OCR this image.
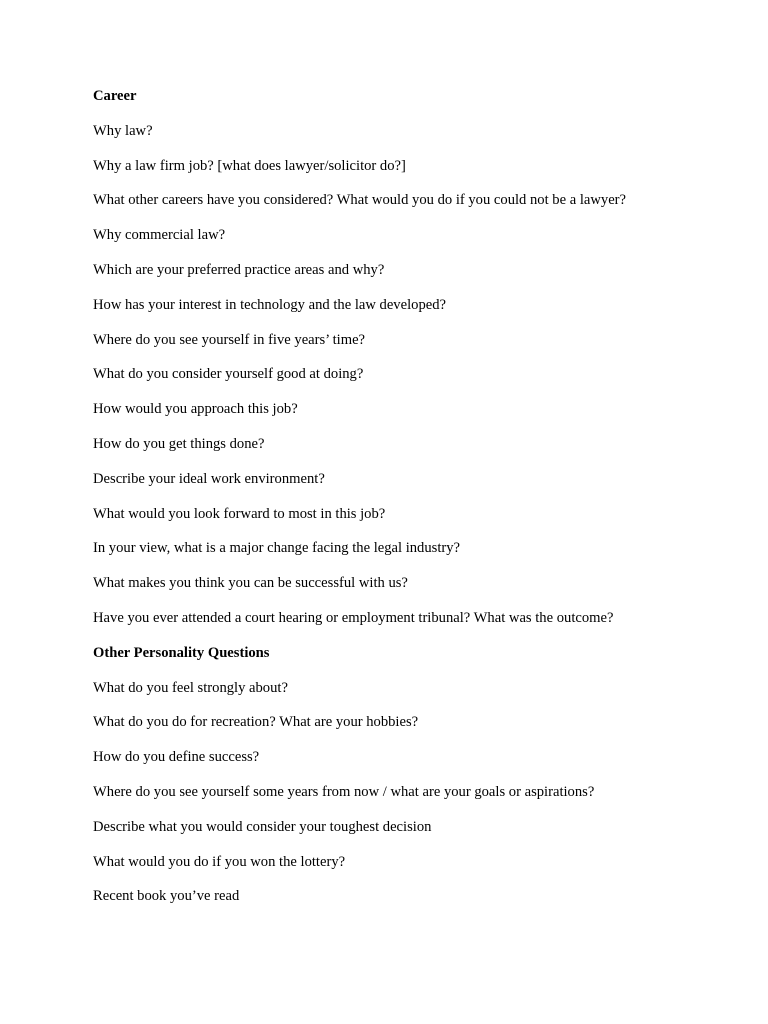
Career
Why law?
Why a law firm job? [what does lawyer/solicitor do?]
What other careers have you considered? What would you do if you could not be a lawyer?
Why commercial law?
Which are your preferred practice areas and why?
How has your interest in technology and the law developed?
Where do you see yourself in five years’ time?
What do you consider yourself good at doing?
How would you approach this job?
How do you get things done?
Describe your ideal work environment?
What would you look forward to most in this job?
In your view, what is a major change facing the legal industry?
What makes you think you can be successful with us?
Have you ever attended a court hearing or employment tribunal? What was the outcome?
Other Personality Questions
What do you feel strongly about?
What do you do for recreation? What are your hobbies?
How do you define success?
Where do you see yourself some years from now / what are your goals or aspirations?
Describe what you would consider your toughest decision
What would you do if you won the lottery?
Recent book you’ve read
